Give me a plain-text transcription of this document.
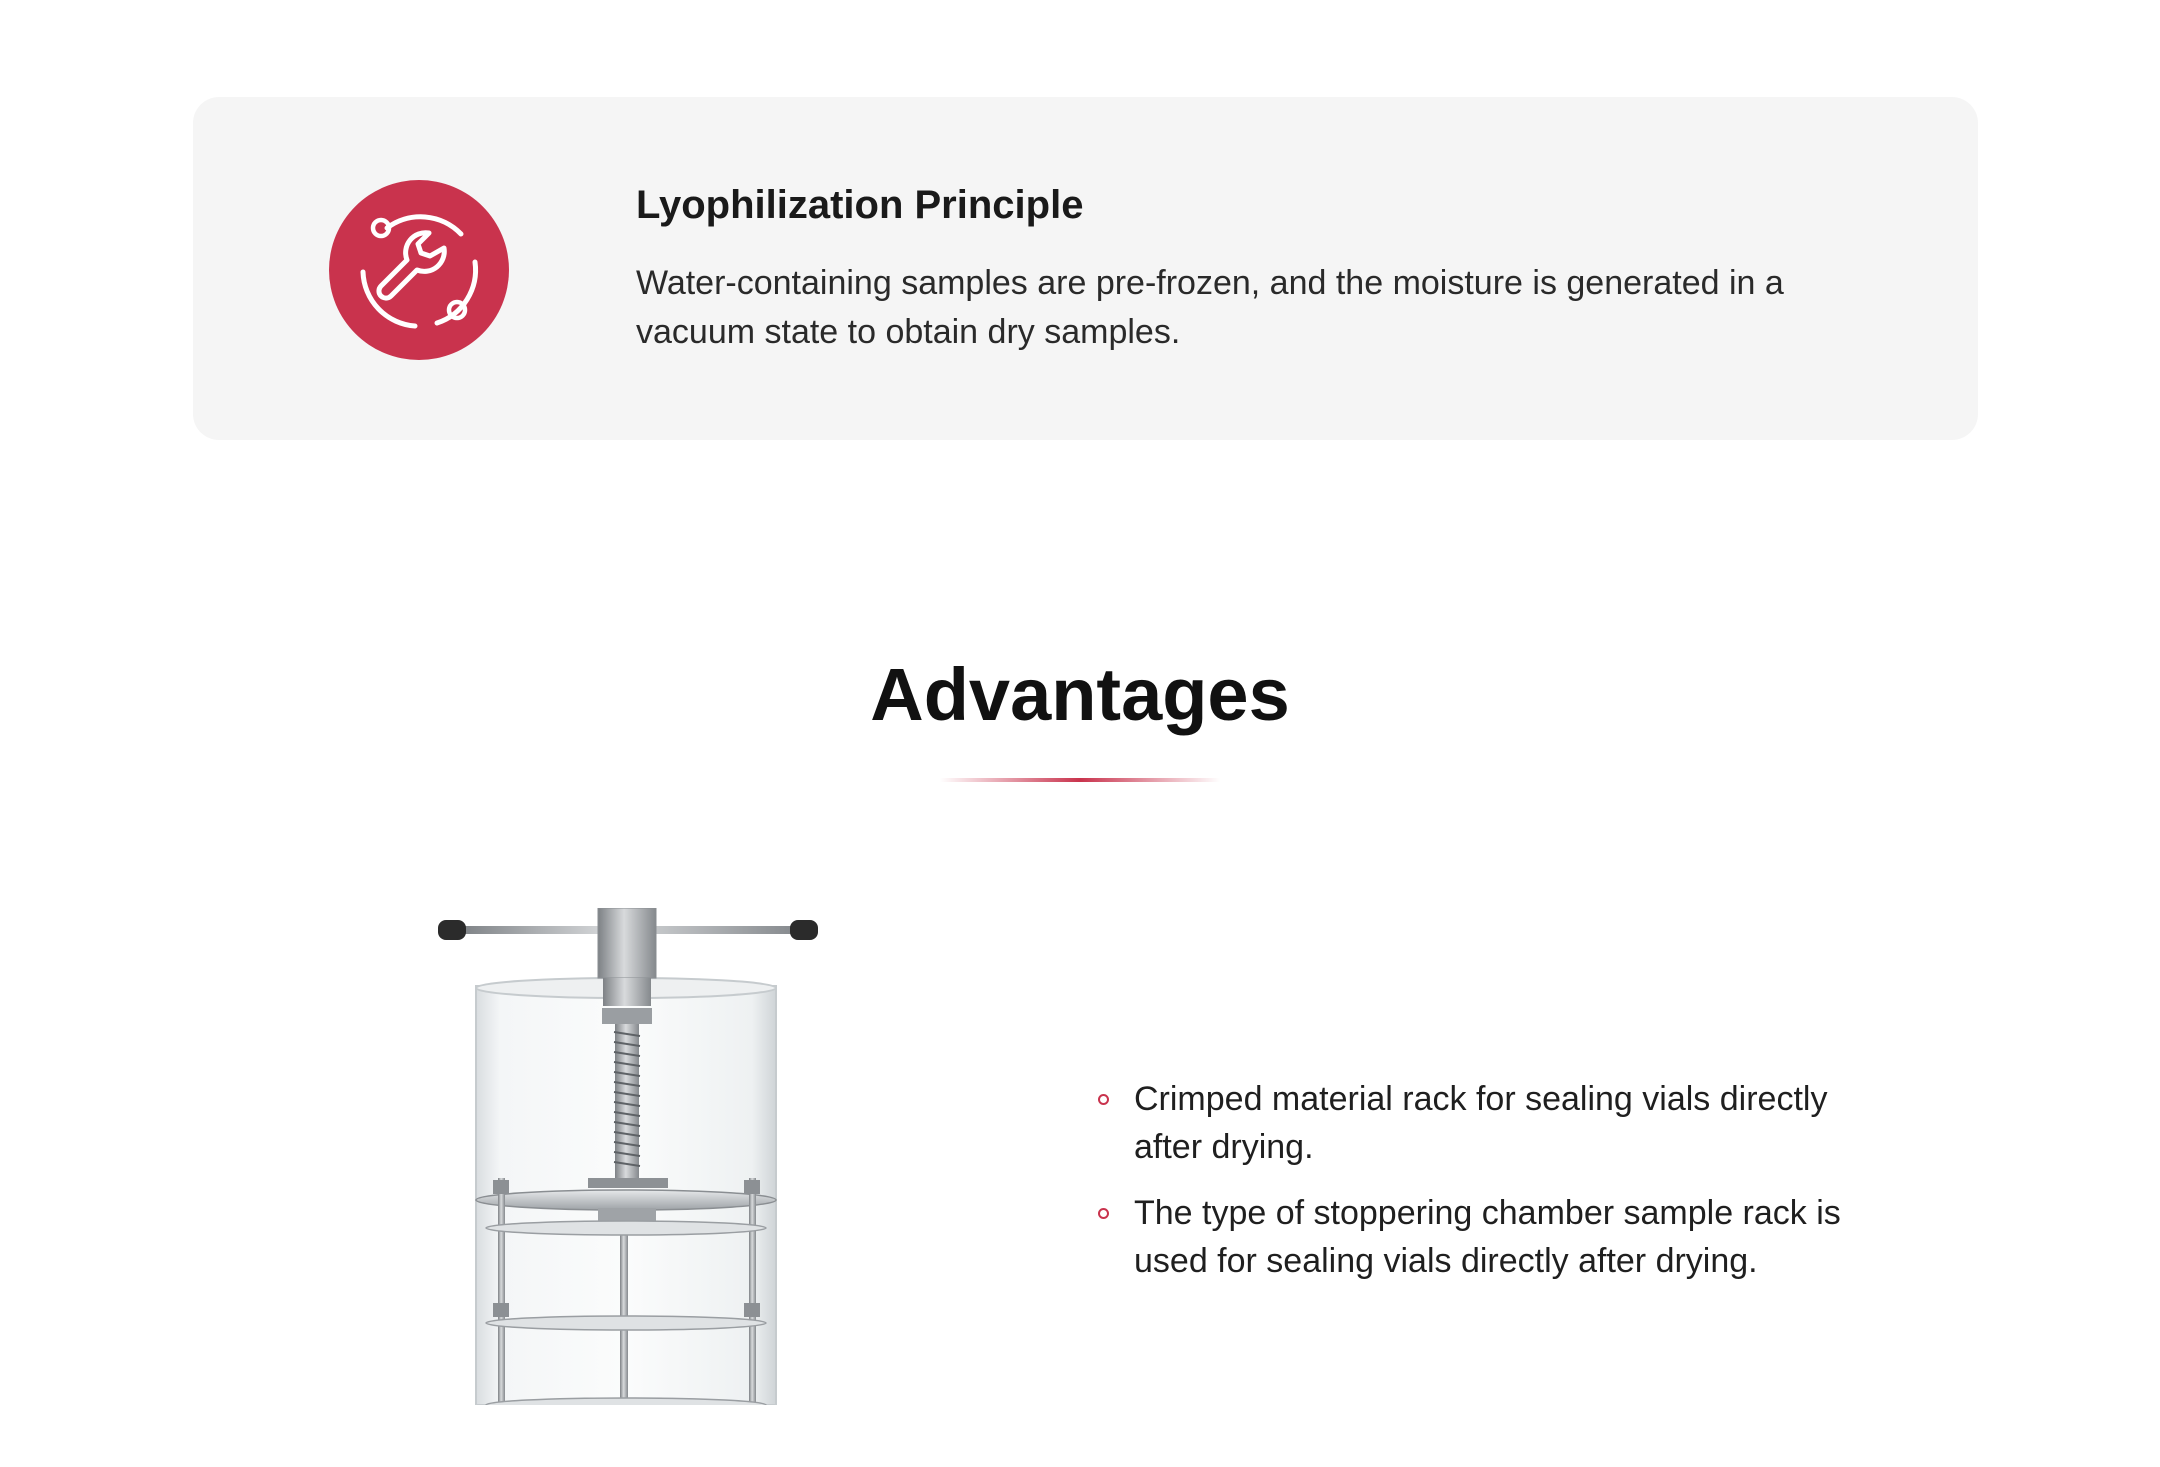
Lyophilization Principle

Water-containing samples are pre-frozen, and the moisture is generated in a vacuum state to obtain dry samples.

Advantages
Crimped material rack for sealing vials directly after drying.
The type of stoppering chamber sample rack is used for sealing vials directly after drying.
